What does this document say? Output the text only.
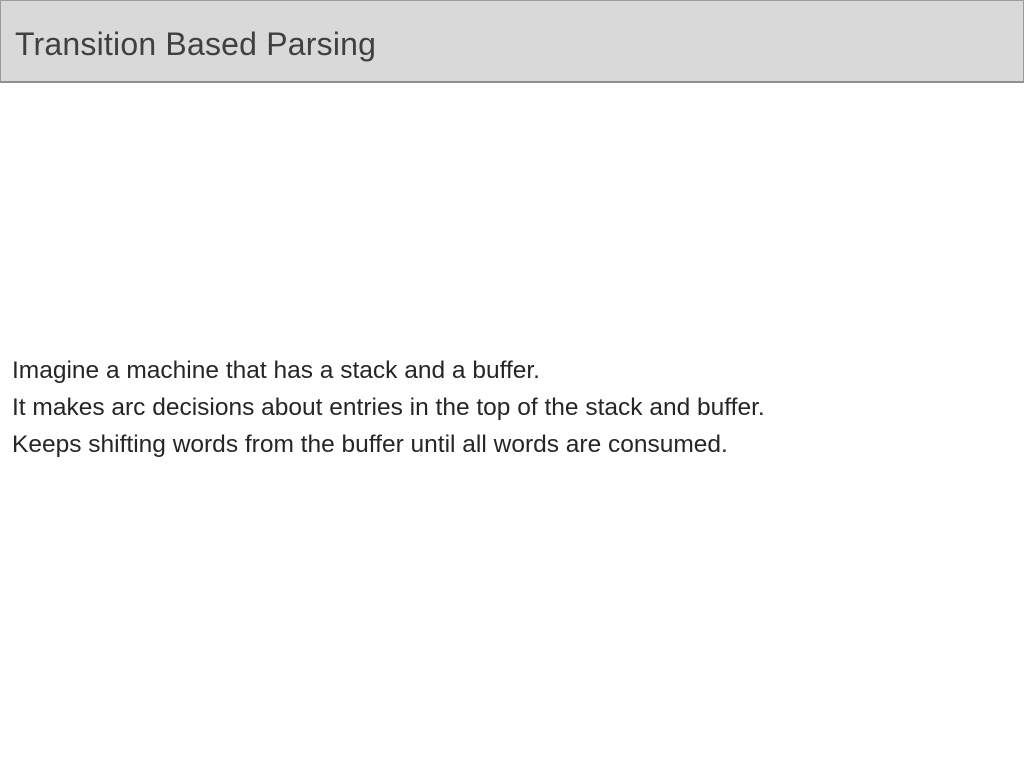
Transition Based Parsing
Imagine a machine that has a stack and a buffer.
It makes arc decisions about entries in the top of the stack and buffer.
Keeps shifting words from the buffer until all words are consumed.
